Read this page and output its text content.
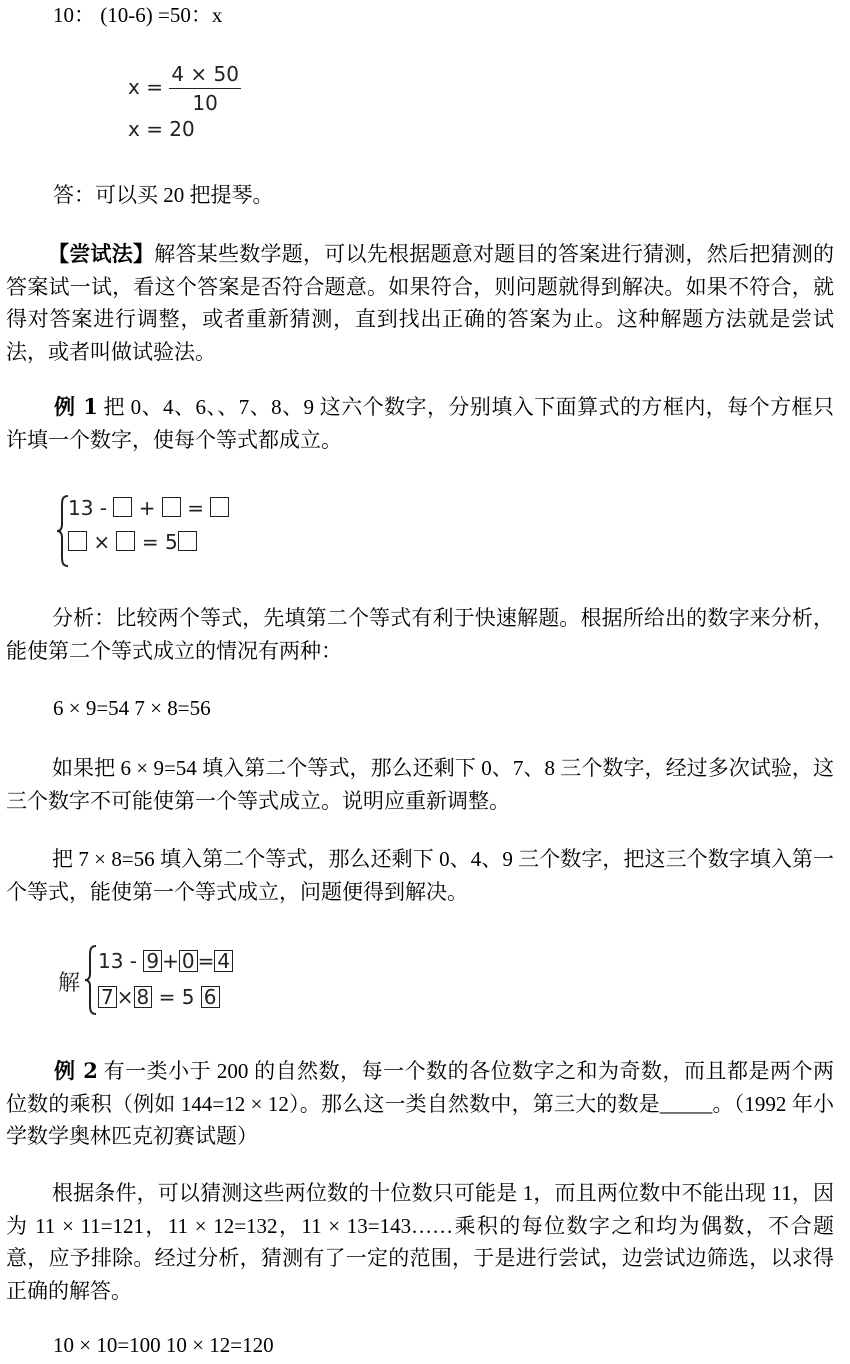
10： (10-6) =50：x
$x = \frac{4 \times 50}{10}$
x = 20
答：可以买 20 把提琴。
【尝试法】解答某些数学题，可以先根据题意对题目的答案进行猜测，然后把猜测的答案试一试，看这个答案是否符合题意。如果符合，则问题就得到解决。如果不符合，就得对答案进行调整，或者重新猜测，直到找出正确的答案为止。这种解题方法就是尝试法，或者叫做试验法。
例 1 把 0、4、6、、7、8、9 这六个数字，分别填入下面算式的方框内，每个方框只许填一个数字，使每个等式都成立。
13 - + =
× = 5
分析：比较两个等式，先填第二个等式有利于快速解题。根据所给出的数字来分析，能使第二个等式成立的情况有两种：
6 × 9=54 7 × 8=56
如果把 6 × 9=54 填入第二个等式，那么还剩下 0、7、8 三个数字，经过多次试验，这三个数字不可能使第一个等式成立。说明应重新调整。
把 7 × 8=56 填入第二个等式，那么还剩下 0、4、9 三个数字，把这三个数字填入第一个等式，能使第一个等式成立，问题便得到解决。
解
13 - 9 + 0 = 4
7 × 8 = 5 6
例 2 有一类小于 200 的自然数，每一个数的各位数字之和为奇数，而且都是两个两位数的乘积（例如 144=12 × 12）。那么这一类自然数中，第三大的数是_____。（1992 年小学数学奥林匹克初赛试题）
根据条件，可以猜测这些两位数的十位数只可能是 1，而且两位数中不能出现 11，因为 11 × 11=121，11 × 12=132，11 × 13=143……乘积的每位数字之和均为偶数，不合题意，应予排除。经过分析，猜测有了一定的范围，于是进行尝试，边尝试边筛选，以求得正确的解答。
10 × 10=100 10 × 12=120
